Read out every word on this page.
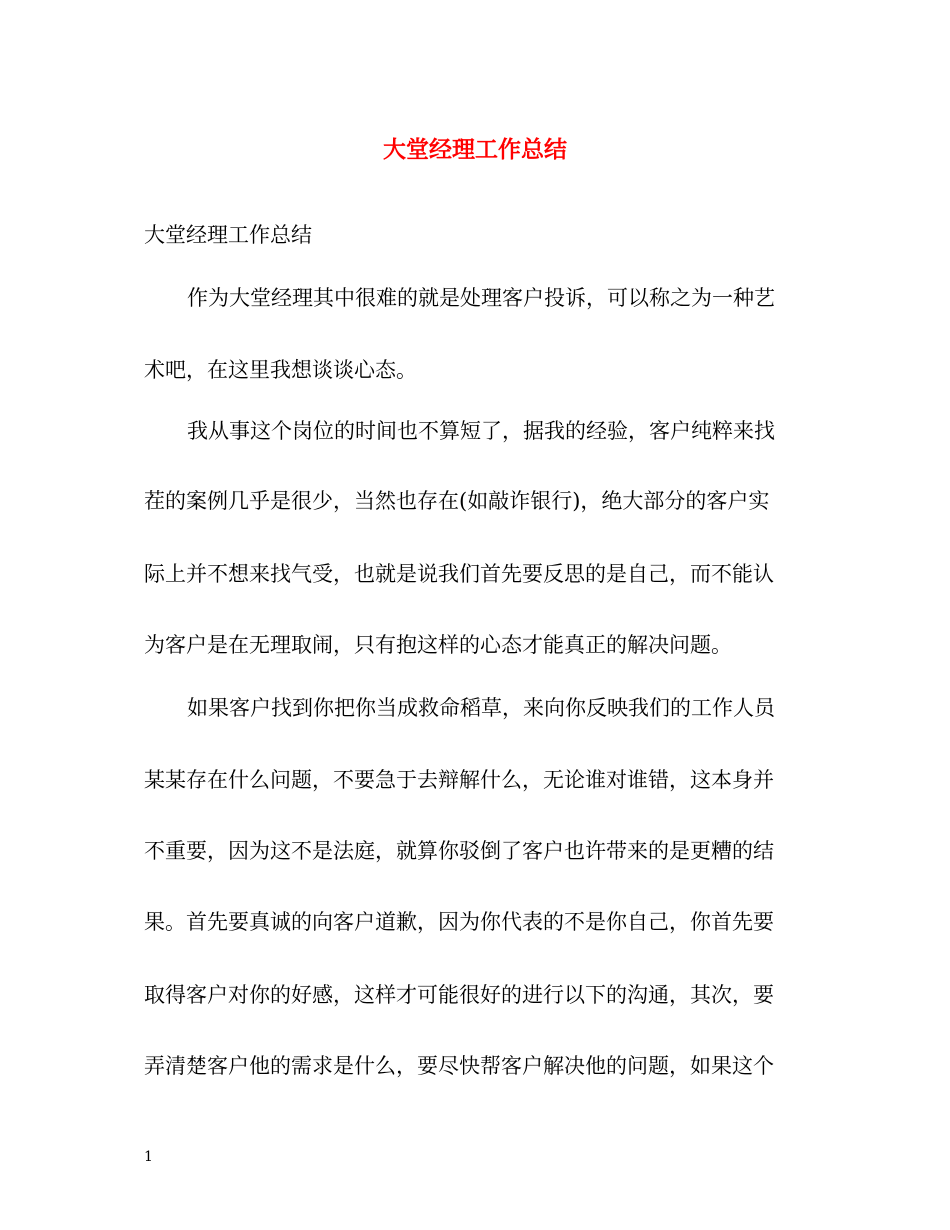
大堂经理工作总结
大堂经理工作总结
作为大堂经理其中很难的就是处理客户投诉，可以称之为一种艺
术吧，在这里我想谈谈心态。
我从事这个岗位的时间也不算短了，据我的经验，客户纯粹来找
茬的案例几乎是很少，当然也存在(如敲诈银行)，绝大部分的客户实
际上并不想来找气受，也就是说我们首先要反思的是自己，而不能认
为客户是在无理取闹，只有抱这样的心态才能真正的解决问题。
如果客户找到你把你当成救命稻草，来向你反映我们的工作人员
某某存在什么问题，不要急于去辩解什么，无论谁对谁错，这本身并
不重要，因为这不是法庭，就算你驳倒了客户也许带来的是更糟的结
果。首先要真诚的向客户道歉，因为你代表的不是你自己，你首先要
取得客户对你的好感，这样才可能很好的进行以下的沟通，其次，要
弄清楚客户他的需求是什么，要尽快帮客户解决他的问题，如果这个
1
